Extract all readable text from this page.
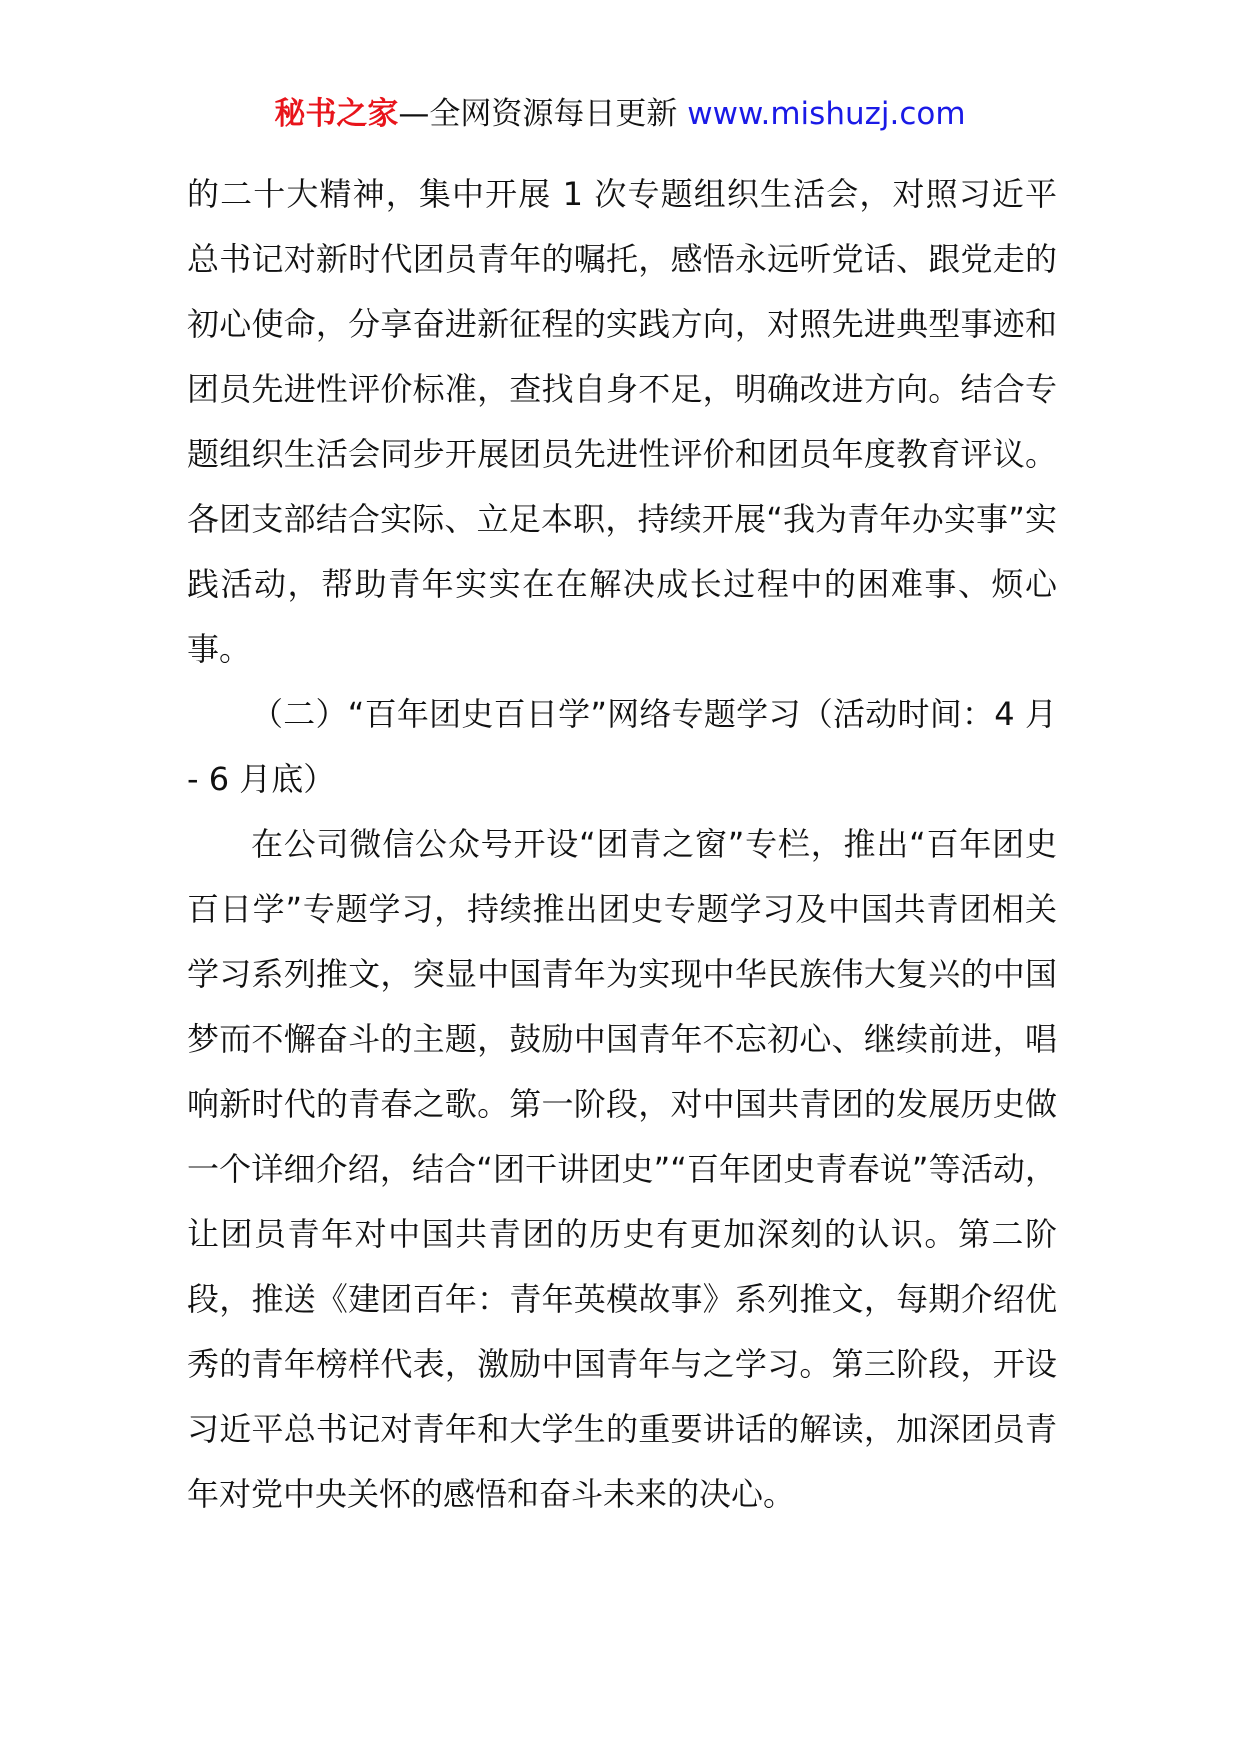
秘书之家—全网资源每日更新 www.mishuzj.com

的二十大精神，集中开展 1 次专题组织生活会，对照习近平总书记对新时代团员青年的嘱托，感悟永远听党话、跟党走的初心使命，分享奋进新征程的实践方向，对照先进典型事迹和团员先进性评价标准，查找自身不足，明确改进方向。结合专题组织生活会同步开展团员先进性评价和团员年度教育评议。各团支部结合实际、立足本职，持续开展“我为青年办实事”实践活动，帮助青年实实在在解决成长过程中的困难事、烦心事。

（二）“百年团史百日学”网络专题学习（活动时间：4 月 - 6 月底）

在公司微信公众号开设“团青之窗”专栏，推出“百年团史百日学”专题学习，持续推出团史专题学习及中国共青团相关学习系列推文，突显中国青年为实现中华民族伟大复兴的中国梦而不懈奋斗的主题，鼓励中国青年不忘初心、继续前进，唱响新时代的青春之歌。第一阶段，对中国共青团的发展历史做一个详细介绍，结合“团干讲团史”“百年团史青春说”等活动，让团员青年对中国共青团的历史有更加深刻的认识。第二阶段，推送《建团百年：青年英模故事》系列推文，每期介绍优秀的青年榜样代表，激励中国青年与之学习。第三阶段，开设习近平总书记对青年和大学生的重要讲话的解读，加深团员青年对党中央关怀的感悟和奋斗未来的决心。
